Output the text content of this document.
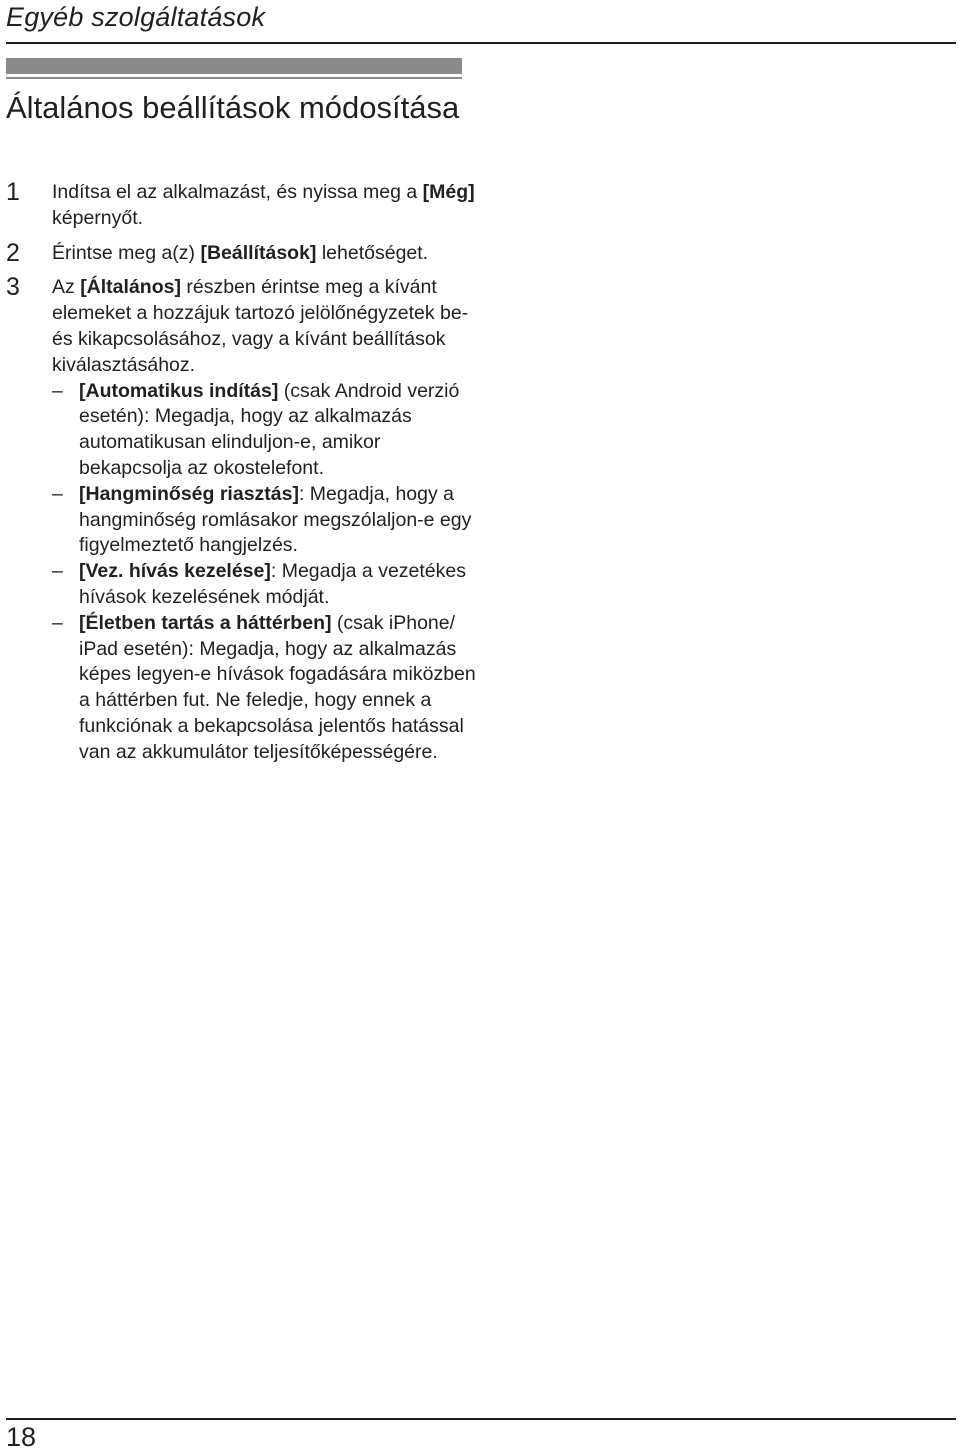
Egyéb szolgáltatások
Általános beállítások módosítása
1	Indítsa el az alkalmazást, és nyissa meg a [Még] képernyőt.
2	Érintse meg a(z) [Beállítások] lehetőséget.
3	Az [Általános] részben érintse meg a kívánt elemeket a hozzájuk tartozó jelölőnégyzetek be- és kikapcsolásához, vagy a kívánt beállítások kiválasztásához.
– [Automatikus indítás] (csak Android verzió esetén): Megadja, hogy az alkalmazás automatikusan elinduljon-e, amikor bekapcsolja az okostelefont.
– [Hangminőség riasztás]: Megadja, hogy a hangminőség romlásakor megszólaljon-e egy figyelmeztető hangjelzés.
– [Vez. hívás kezelése]: Megadja a vezetékes hívások kezelésének módját.
– [Életben tartás a háttérben] (csak iPhone/ iPad esetén): Megadja, hogy az alkalmazás képes legyen-e hívások fogadására miközben a háttérben fut. Ne feledje, hogy ennek a funkciónak a bekapcsolása jelentős hatással van az akkumulátor teljesítőképességére.
18
